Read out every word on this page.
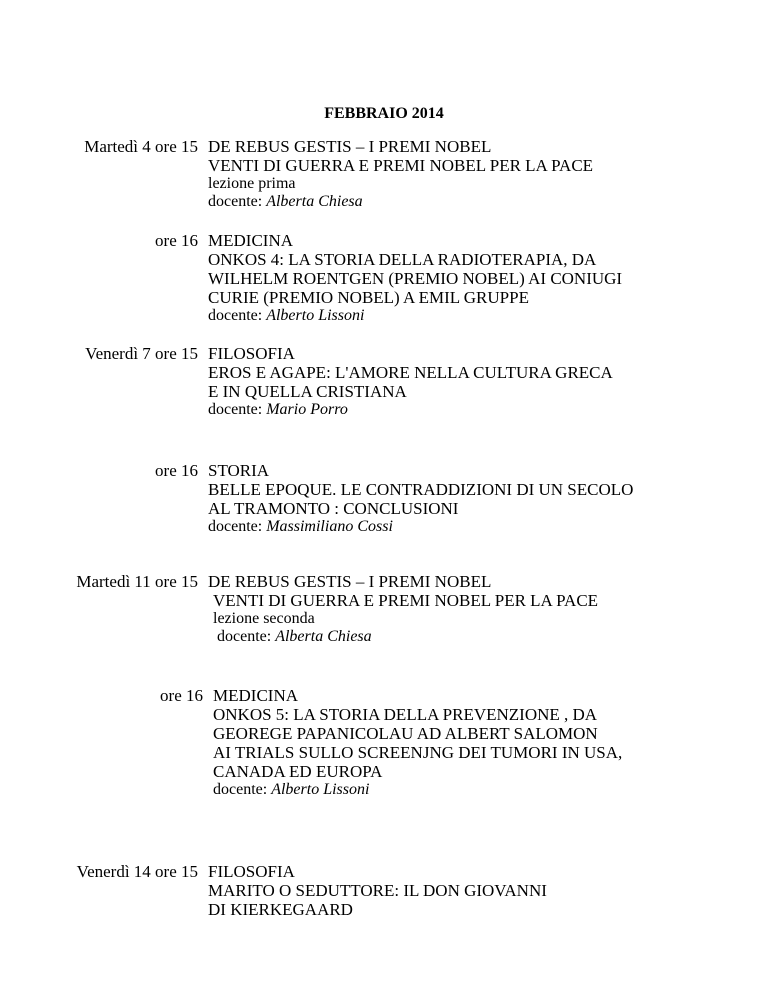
FEBBRAIO 2014
Martedì 4 ore 15 DE REBUS GESTIS – I PREMI NOBEL

VENTI DI GUERRA E PREMI NOBEL PER LA PACE

lezione prima

docente: Alberta Chiesa

ore 16 MEDICINA

ONKOS 4: LA STORIA DELLA RADIOTERAPIA, DA

WILHELM ROENTGEN (PREMIO NOBEL) AI CONIUGI

CURIE (PREMIO NOBEL) A EMIL GRUPPE

docente: Alberto Lissoni

Venerdì 7 ore 15 FILOSOFIA

EROS E AGAPE: L'AMORE NELLA CULTURA GRECA

E IN QUELLA CRISTIANA

docente: Mario Porro

ore 16 STORIA

BELLE EPOQUE. LE CONTRADDIZIONI DI UN SECOLO

AL TRAMONTO : CONCLUSIONI

docente: Massimiliano Cossi

Martedì 11 ore 15 DE REBUS GESTIS – I PREMI NOBEL

VENTI DI GUERRA E PREMI NOBEL PER LA PACE

lezione seconda

docente: Alberta Chiesa

ore 16 MEDICINA

ONKOS 5: LA STORIA DELLA PREVENZIONE , DA

GEOREGE PAPANICOLAU AD ALBERT SALOMON

AI TRIALS SULLO SCREENJNG DEI TUMORI IN USA,

CANADA ED EUROPA

docente: Alberto Lissoni

Venerdì 14 ore 15 FILOSOFIA

MARITO O SEDUTTORE: IL DON GIOVANNI

DI KIERKEGAARD
